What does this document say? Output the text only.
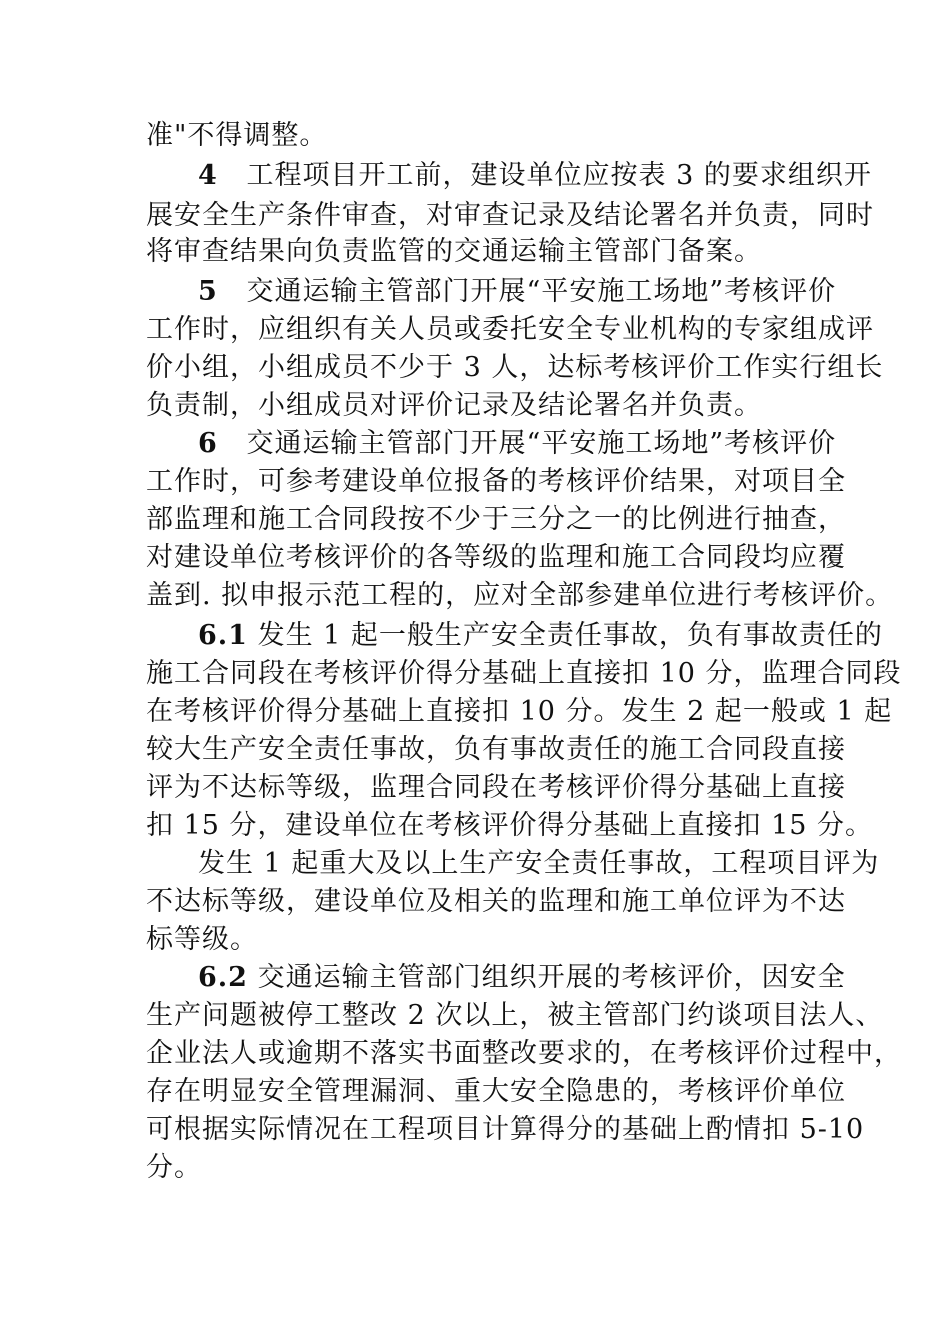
准"不得调整。
4 工程项目开工前，建设单位应按表 3 的要求组织开
展安全生产条件审查，对审查记录及结论署名并负责，同时
将审查结果向负责监管的交通运输主管部门备案。
5 交通运输主管部门开展“平安施工场地”考核评价
工作时，应组织有关人员或委托安全专业机构的专家组成评
价小组，小组成员不少于 3 人，达标考核评价工作实行组长
负责制，小组成员对评价记录及结论署名并负责。
6 交通运输主管部门开展“平安施工场地”考核评价
工作时，可参考建设单位报备的考核评价结果，对项目全
部监理和施工合同段按不少于三分之一的比例进行抽查，
对建设单位考核评价的各等级的监理和施工合同段均应覆
盖到. 拟申报示范工程的，应对全部参建单位进行考核评价。
6.1 发生 1 起一般生产安全责任事故，负有事故责任的
施工合同段在考核评价得分基础上直接扣 10 分，监理合同段
在考核评价得分基础上直接扣 10 分。发生 2 起一般或 1 起
较大生产安全责任事故，负有事故责任的施工合同段直接
评为不达标等级，监理合同段在考核评价得分基础上直接
扣 15 分，建设单位在考核评价得分基础上直接扣 15 分。
发生 1 起重大及以上生产安全责任事故，工程项目评为
不达标等级，建设单位及相关的监理和施工单位评为不达
标等级。
6.2 交通运输主管部门组织开展的考核评价，因安全
生产问题被停工整改 2 次以上，被主管部门约谈项目法人、
企业法人或逾期不落实书面整改要求的，在考核评价过程中，
存在明显安全管理漏洞、重大安全隐患的，考核评价单位
可根据实际情况在工程项目计算得分的基础上酌情扣 5-10
分。
